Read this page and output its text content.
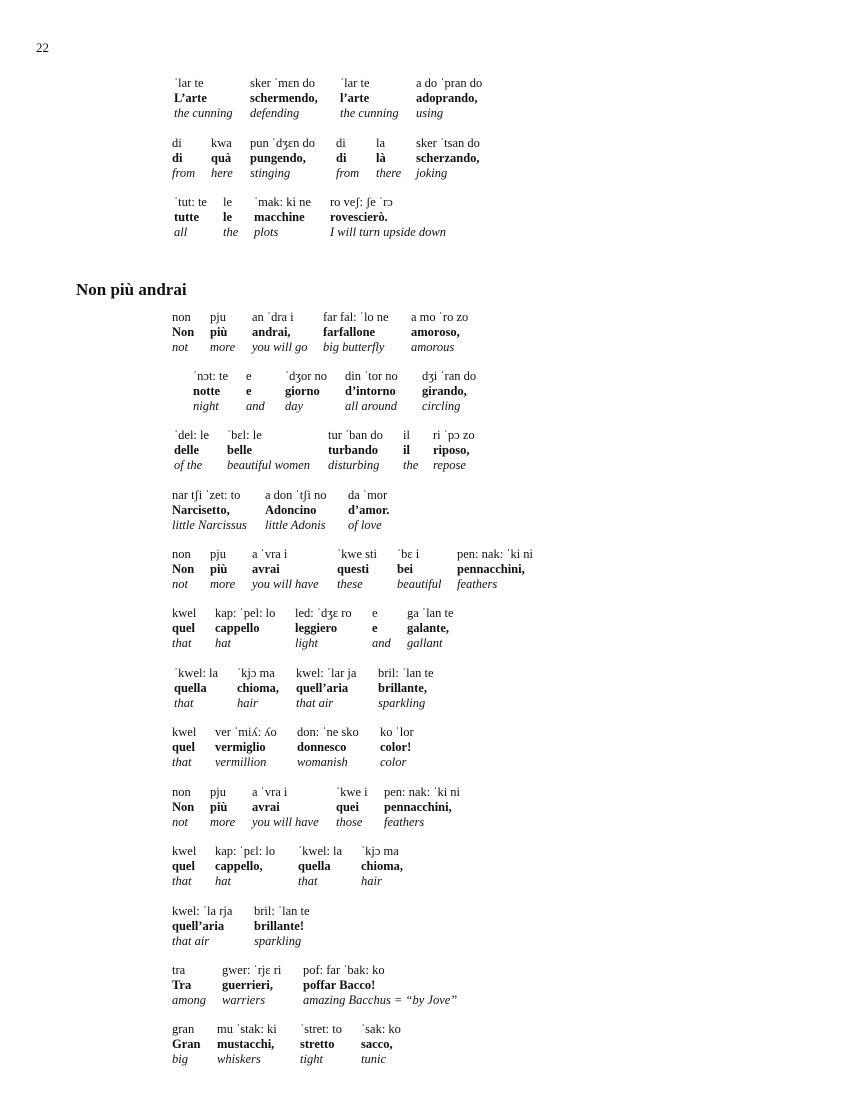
22
Non più andrai
ˈlar te
L’arte
the cunning
sker ˈmɛn do
schermendo,
defending
ˈlar te
l’arte
the cunning
a do ˈpran do
adoprando,
using
di
di
from
kwa
quà
here
pun ˈdʒɛn do
pungendo,
stinging
di
di
from
la
là
there
sker ˈtsan do
scherzando,
joking
ˈtut: te
tutte
all
le
le
the
ˈmak: ki ne
macchine
plots
ro veʃ: ʃe ˈrɔ
rovescierò.
I will turn upside down
non
Non
not
pju
più
more
an ˈdra i
andrai,
you will go
far fal: ˈlo ne
farfallone
big butterfly
a mo ˈro zo
amoroso,
amorous
ˈnɔt: te
notte
night
e
e
and
ˈdʒor no
giorno
day
din ˈtor no
d’intorno
all around
dʒi ˈran do
girando,
circling
ˈdel: le
delle
of the
ˈbɛl: le
belle
beautiful women
tur ˈban do
turbando
disturbing
il
il
the
ri ˈpɔ zo
riposo,
repose
nar tʃi ˈzet: to
Narcisetto,
little Narcissus
a don ˈtʃi no
Adoncino
little Adonis
da ˈmor
d’amor.
of love
non
Non
not
pju
più
more
a ˈvra i
avrai
you will have
ˈkwe sti
questi
these
ˈbɛ i
bei
beautiful
pen: nak: ˈki ni
pennacchini,
feathers
kwel
quel
that
kap: ˈpel: lo
cappello
hat
led: ˈdʒɛ ro
leggiero
light
e
e
and
ga ˈlan te
galante,
gallant
ˈkwel: la
quella
that
ˈkjɔ ma
chioma,
hair
kwel: ˈlar ja
quell’aria
that air
bril: ˈlan te
brillante,
sparkling
kwel
quel
that
ver ˈmiʎ: ʎo
vermiglio
vermillion
don: ˈne sko
donnesco
womanish
ko ˈlor
color!
color
non
Non
not
pju
più
more
a ˈvra i
avrai
you will have
ˈkwe i
quei
those
pen: nak: ˈki ni
pennacchini,
feathers
kwel
quel
that
kap: ˈpɛl: lo
cappello,
hat
ˈkwel: la
quella
that
ˈkjɔ ma
chioma,
hair
kwel: ˈla rja
quell’aria
that air
bril: ˈlan te
brillante!
sparkling
tra
Tra
among
gwer: ˈrjɛ ri
guerrieri,
warriers
pof: far ˈbak: ko
poffar Bacco!
amazing Bacchus = “by Jove”
gran
Gran
big
mu ˈstak: ki
mustacchi,
whiskers
ˈstret: to
stretto
tight
ˈsak: ko
sacco,
tunic
